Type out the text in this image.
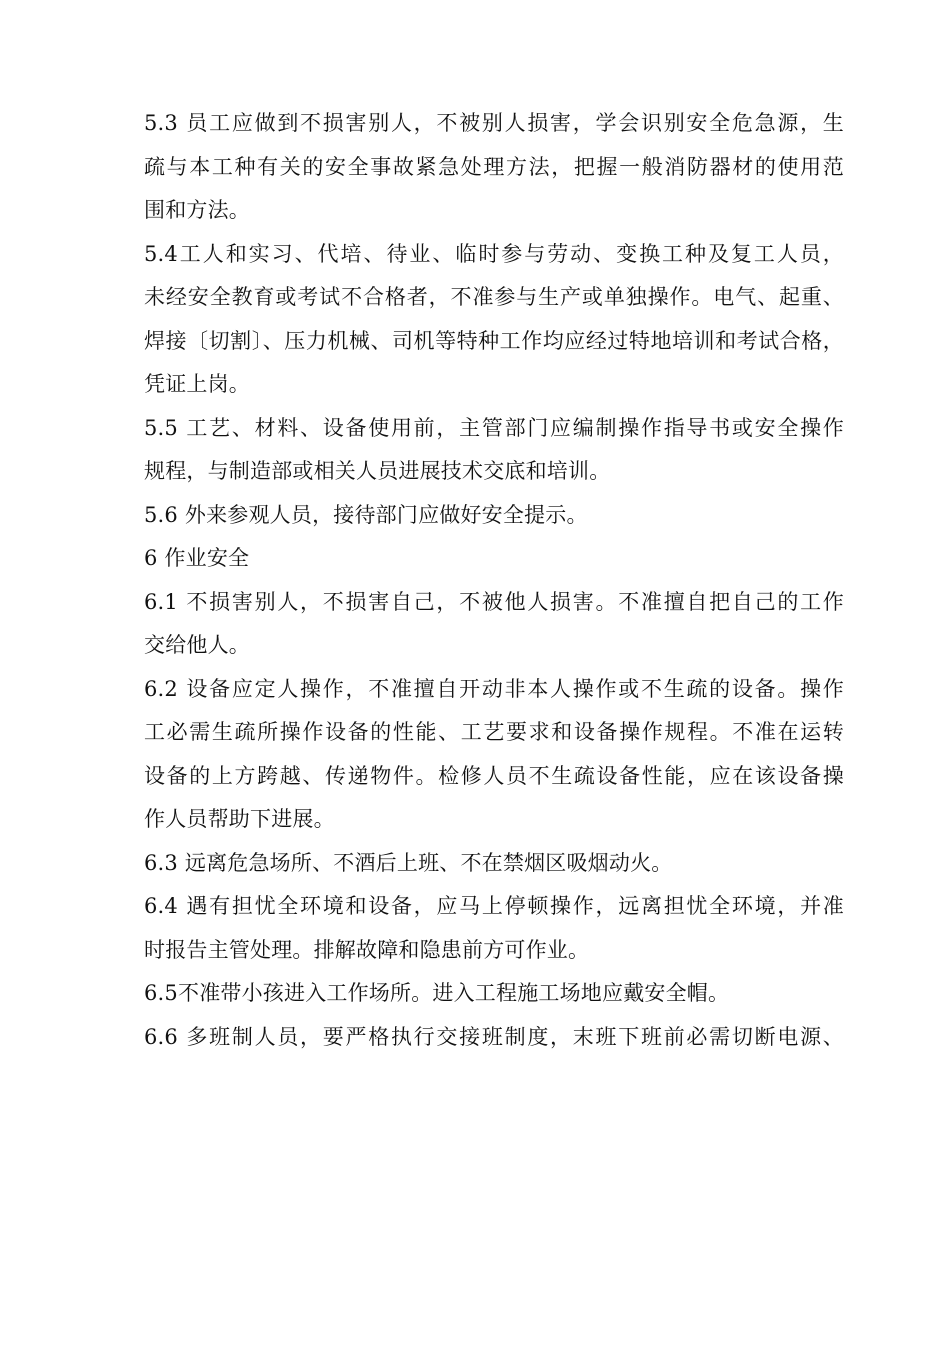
5.3 员工应做到不损害别人，不被别人损害，学会识别安全危急源，生
疏与本工种有关的安全事故紧急处理方法，把握一般消防器材的使用范
围和方法。
5.4工人和实习、代培、待业、临时参与劳动、变换工种及复工人员，
未经安全教育或考试不合格者，不准参与生产或单独操作。电气、起重、
焊接〔切割〕、压力机械、司机等特种工作均应经过特地培训和考试合格，
凭证上岗。
5.5 工艺、材料、设备使用前，主管部门应编制操作指导书或安全操作
规程，与制造部或相关人员进展技术交底和培训。
5.6 外来参观人员，接待部门应做好安全提示。
6 作业安全
6.1 不损害别人，不损害自己，不被他人损害。不准擅自把自己的工作
交给他人。
6.2 设备应定人操作，不准擅自开动非本人操作或不生疏的设备。操作
工必需生疏所操作设备的性能、工艺要求和设备操作规程。不准在运转
设备的上方跨越、传递物件。检修人员不生疏设备性能，应在该设备操
作人员帮助下进展。
6.3 远离危急场所、不酒后上班、不在禁烟区吸烟动火。
6.4 遇有担忧全环境和设备，应马上停顿操作，远离担忧全环境，并准
时报告主管处理。排解故障和隐患前方可作业。
6.5不准带小孩进入工作场所。进入工程施工场地应戴安全帽。
6.6 多班制人员，要严格执行交接班制度，末班下班前必需切断电源、
